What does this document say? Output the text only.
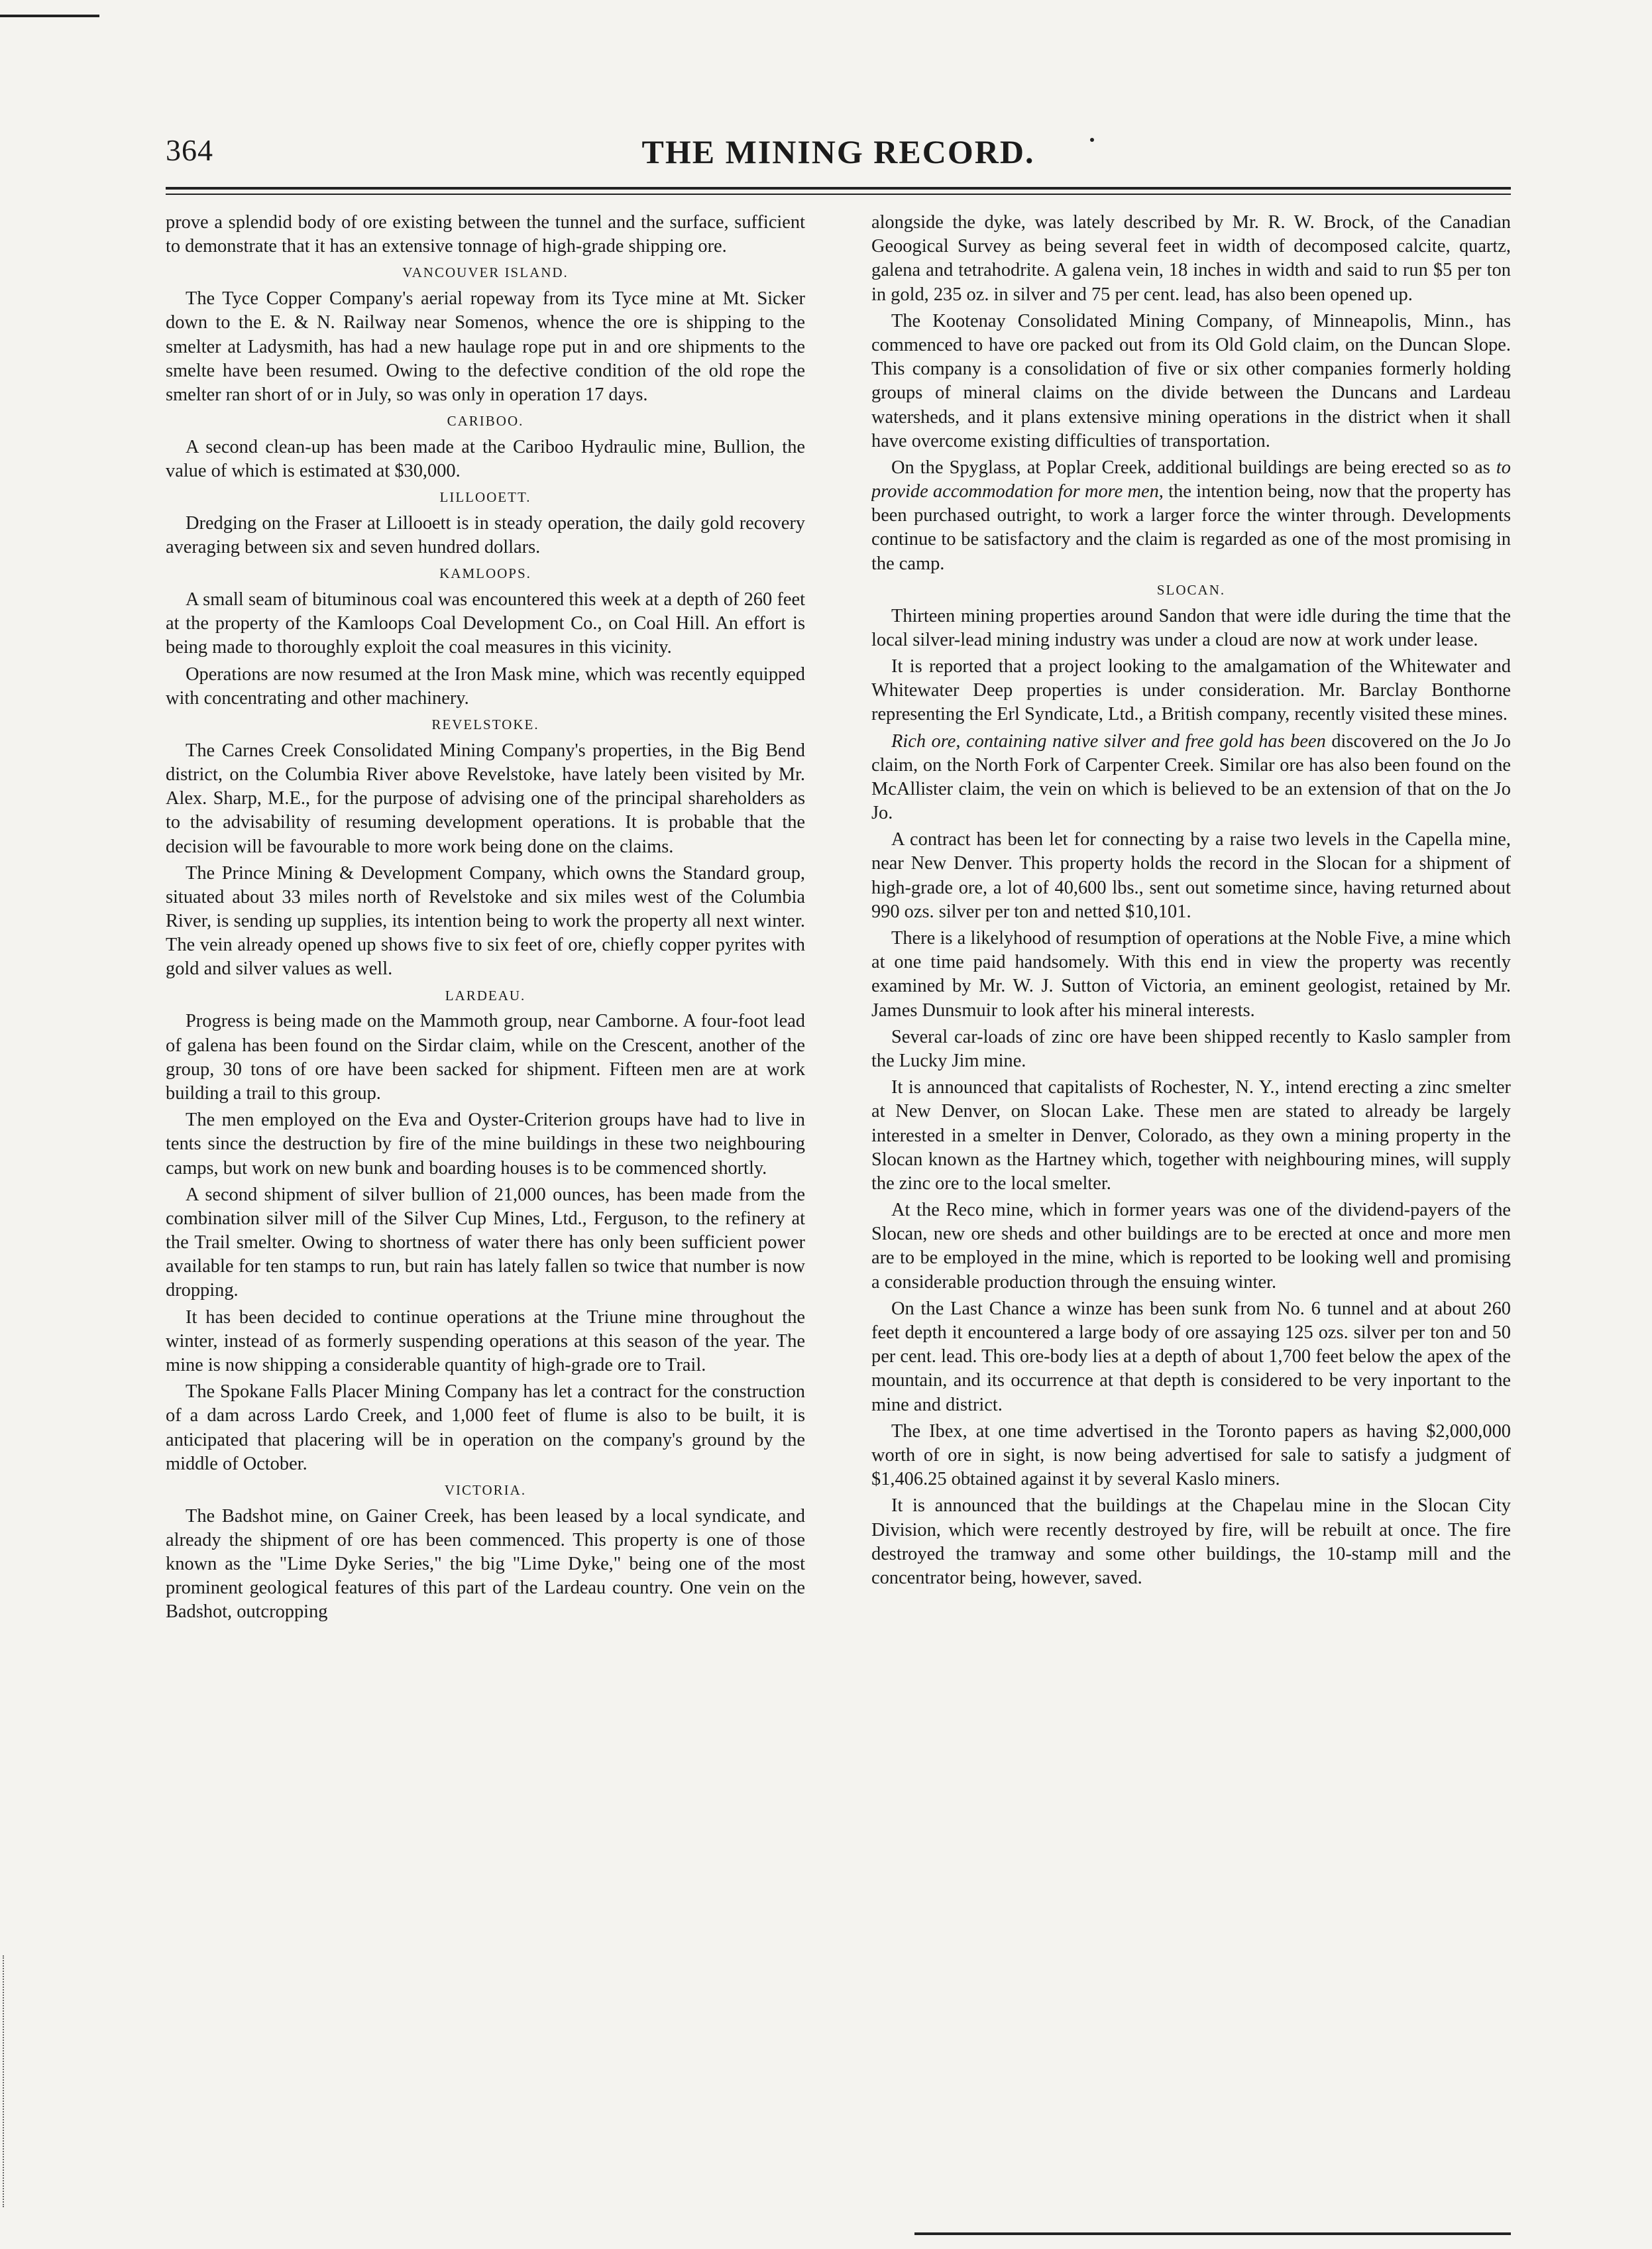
364	THE MINING RECORD.

prove a splendid body of ore existing between the tunnel and the surface, sufficient to demonstrate that it has an extensive tonnage of high-grade shipping ore.

VANCOUVER ISLAND.

The Tyce Copper Company's aerial ropeway from its Tyce mine at Mt. Sicker down to the E. & N. Railway near Somenos, whence the ore is shipping to the smelter at Ladysmith, has had a new haulage rope put in and ore shipments to the smelte have been resumed. Owing to the defective condition of the old rope the smelter ran short of or in July, so was only in operation 17 days.

CARIBOO.

A second clean-up has been made at the Cariboo Hydraulic mine, Bullion, the value of which is estimated at $30,000.

LILLOOETT.

Dredging on the Fraser at Lillooett is in steady operation, the daily gold recovery averaging between six and seven hundred dollars.

KAMLOOPS.

A small seam of bituminous coal was encountered this week at a depth of 260 feet at the property of the Kamloops Coal Development Co., on Coal Hill. An effort is being made to thoroughly exploit the coal measures in this vicinity.

Operations are now resumed at the Iron Mask mine, which was recently equipped with concentrating and other machinery.

REVELSTOKE.

The Carnes Creek Consolidated Mining Company's properties, in the Big Bend district, on the Columbia River above Revelstoke, have lately been visited by Mr. Alex. Sharp, M.E., for the purpose of advising one of the principal shareholders as to the advisability of resuming development operations. It is probable that the decision will be favourable to more work being done on the claims.

The Prince Mining & Development Company, which owns the Standard group, situated about 33 miles north of Revelstoke and six miles west of the Columbia River, is sending up supplies, its intention being to work the property all next winter. The vein already opened up shows five to six feet of ore, chiefly copper pyrites with gold and silver values as well.

LARDEAU.

Progress is being made on the Mammoth group, near Camborne. A four-foot lead of galena has been found on the Sirdar claim, while on the Crescent, another of the group, 30 tons of ore have been sacked for shipment. Fifteen men are at work building a trail to this group.

The men employed on the Eva and Oyster-Criterion groups have had to live in tents since the destruction by fire of the mine buildings in these two neighbouring camps, but work on new bunk and boarding houses is to be commenced shortly.

A second shipment of silver bullion of 21,000 ounces, has been made from the combination silver mill of the Silver Cup Mines, Ltd., Ferguson, to the refinery at the Trail smelter. Owing to shortness of water there has only been sufficient power available for ten stamps to run, but rain has lately fallen so twice that number is now dropping.

It has been decided to continue operations at the Triune mine throughout the winter, instead of as formerly suspending operations at this season of the year. The mine is now shipping a considerable quantity of high-grade ore to Trail.

The Spokane Falls Placer Mining Company has let a contract for the construction of a dam across Lardo Creek, and 1,000 feet of flume is also to be built, it is anticipated that placering will be in operation on the company's ground by the middle of October.

VICTORIA.

The Badshot mine, on Gainer Creek, has been leased by a local syndicate, and already the shipment of ore has been commenced. This property is one of those known as the "Lime Dyke Series," the big "Lime Dyke," being one of the most prominent geological features of this part of the Lardeau country. One vein on the Badshot, outcropping

alongside the dyke, was lately described by Mr. R. W. Brock, of the Canadian Geoogical Survey as being several feet in width of decomposed calcite, quartz, galena and tetrahodrite. A galena vein, 18 inches in width and said to run $5 per ton in gold, 235 oz. in silver and 75 per cent. lead, has also been opened up.

The Kootenay Consolidated Mining Company, of Minneapolis, Minn., has commenced to have ore packed out from its Old Gold claim, on the Duncan Slope. This company is a consolidation of five or six other companies formerly holding groups of mineral claims on the divide between the Duncans and Lardeau watersheds, and it plans extensive mining operations in the district when it shall have overcome existing difficulties of transportation.

On the Spyglass, at Poplar Creek, additional buildings are being erected so as to provide accommodation for more men, the intention being, now that the property has been purchased outright, to work a larger force the winter through. Developments continue to be satisfactory and the claim is regarded as one of the most promising in the camp.

SLOCAN.

Thirteen mining properties around Sandon that were idle during the time that the local silver-lead mining industry was under a cloud are now at work under lease.

It is reported that a project looking to the amalgamation of the Whitewater and Whitewater Deep properties is under consideration. Mr. Barclay Bonthorne representing the Erl Syndicate, Ltd., a British company, recently visited these mines.

Rich ore, containing native silver and free gold has been discovered on the Jo Jo claim, on the North Fork of Carpenter Creek. Similar ore has also been found on the McAllister claim, the vein on which is believed to be an extension of that on the Jo Jo.

A contract has been let for connecting by a raise two levels in the Capella mine, near New Denver. This property holds the record in the Slocan for a shipment of high-grade ore, a lot of 40,600 lbs., sent out sometime since, having returned about 990 ozs. silver per ton and netted $10,101.

There is a likelyhood of resumption of operations at the Noble Five, a mine which at one time paid handsomely. With this end in view the property was recently examined by Mr. W. J. Sutton of Victoria, an eminent geologist, retained by Mr. James Dunsmuir to look after his mineral interests.

Several car-loads of zinc ore have been shipped recently to Kaslo sampler from the Lucky Jim mine.

It is announced that capitalists of Rochester, N. Y., intend erecting a zinc smelter at New Denver, on Slocan Lake. These men are stated to already be largely interested in a smelter in Denver, Colorado, as they own a mining property in the Slocan known as the Hartney which, together with neighbouring mines, will supply the zinc ore to the local smelter.

At the Reco mine, which in former years was one of the dividend-payers of the Slocan, new ore sheds and other buildings are to be erected at once and more men are to be employed in the mine, which is reported to be looking well and promising a considerable production through the ensuing winter.

On the Last Chance a winze has been sunk from No. 6 tunnel and at about 260 feet depth it encountered a large body of ore assaying 125 ozs. silver per ton and 50 per cent. lead. This ore-body lies at a depth of about 1,700 feet below the apex of the mountain, and its occurrence at that depth is considered to be very inportant to the mine and district.

The Ibex, at one time advertised in the Toronto papers as having $2,000,000 worth of ore in sight, is now being advertised for sale to satisfy a judgment of $1,406.25 obtained against it by several Kaslo miners.

It is announced that the buildings at the Chapelau mine in the Slocan City Division, which were recently destroyed by fire, will be rebuilt at once. The fire destroyed the tramway and some other buildings, the 10-stamp mill and the concentrator being, however, saved.
